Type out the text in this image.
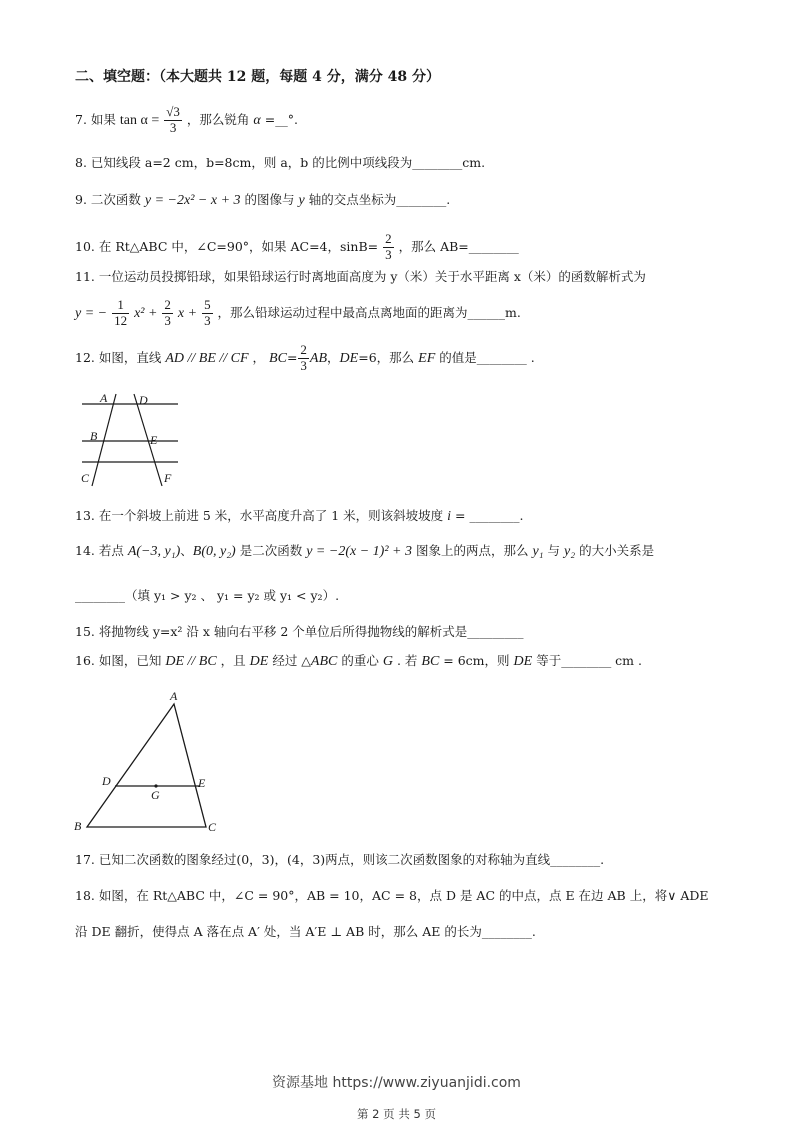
二、填空题：（本大题共 12 题，每题 4 分，满分 48 分）
7. 如果 $\tan \alpha = \frac{√3}{3}$ ，那么锐角 α =__°.
8. 已知线段 a=2 cm，b=8cm，则 a，b 的比例中项线段为________cm.
9. 二次函数 y = −2x² − x + 3 的图像与 y 轴的交点坐标为________.
10. 在 Rt△ABC 中，∠C=90°，如果 AC=4，$\sin B= \frac{2}{3}$ ，那么 AB=________
11. 一位运动员投掷铅球，如果铅球运行时离地面高度为 y（米）关于水平距离 x（米）的函数解析式为
y = − $\frac{1}{12} x^2 + \frac{2}{3}$ $x + \frac{5}{3}$ ，那么铅球运动过程中最高点离地面的距离为______m.
12. 如图，直线 AD // BE // CF ， $BC= \frac{2}{3}$ AB，DE=6，那么 EF 的值是________ .
A	D
B	E
C	F
13. 在一个斜坡上前进 5 米，水平高度升高了 1 米，则该斜坡坡度 i = ________.
14. 若点 A(−3, y₁)、B(0, y₂) 是二次函数 y = −2(x − 1)² + 3 图象上的两点，那么 y₁ 与 y₂ 的大小关系是
________（填 y₁ > y₂ 、 y₁ = y₂ 或 y₁ < y₂）.
15. 将抛物线 y=x² 沿 x 轴向右平移 2 个单位后所得抛物线的解析式是_________
16. 如图，已知 DE // BC ，且 DE 经过 △ABC 的重心 G . 若 BC = 6cm，则 DE 等于________ cm .
A
D	E
G
B	C
17. 已知二次函数的图象经过(0，3)，(4，3)两点，则该二次函数图象的对称轴为直线________.
18. 如图，在 Rt△ABC 中，∠C = 90°，AB = 10，AC = 8，点 D 是 AC 的中点，点 E 在边 AB 上，将∨ ADE
沿 DE 翻折，使得点 A 落在点 A′ 处，当 A′E ⊥ AB 时，那么 AE 的长为________.
资源基地 https://www.ziyuanjidi.com
第 2 页 共 5 页
